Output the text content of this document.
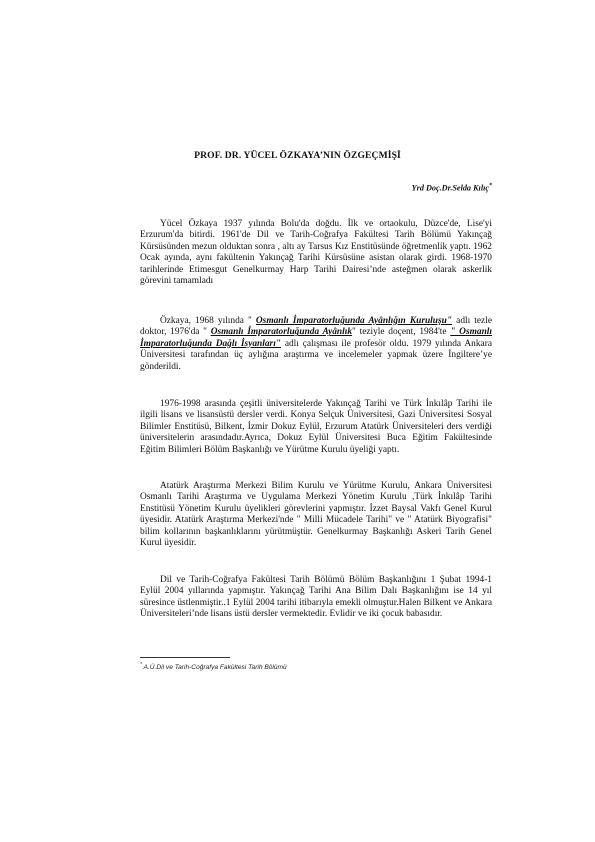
PROF. DR. YÜCEL ÖZKAYA’NIN ÖZGEÇMİŞİ
Yrd Doç.Dr.Selda Kılıç*

Yücel Özkaya 1937 yılında Bolu'da doğdu. İlk ve ortaokulu, Düzce'de, Lise'yi Erzurum'da bitirdi. 1961'de Dil ve Tarih-Coğrafya Fakültesi Tarih Bölümü Yakınçağ Kürsüsünden mezun olduktan sonra , altı ay Tarsus Kız Enstitüsünde öğretmenlik yaptı. 1962 Ocak ayında, aynı fakültenin Yakınçağ Tarihi Kürsüsüne asistan olarak girdi. 1968-1970 tarihlerinde Etimesgut Genelkurmay Harp Tarihi Dairesi’nde asteğmen olarak askerlik görevini tamamladı

Özkaya, 1968 yılında " Osmanlı İmparatorluğunda Ayânlığın Kuruluşu" adlı tezle doktor, 1976'da " Osmanlı İmparatorluğunda Ayânlık" teziyle doçent, 1984'te " Osmanlı İmparatorluğunda Dağlı İsyanları" adlı çalışması ile profesör oldu. 1979 yılında Ankara Üniversitesi tarafından üç aylığına araştırma ve incelemeler yapmak üzere İngiltere’ye gönderildi.

1976-1998 arasında çeşitli üniversitelerde Yakınçağ Tarihi ve Türk İnkılâp Tarihi ile ilgili lisans ve lisansüstü dersler verdi. Konya Selçuk Üniversitesi, Gazi Üniversitesi Sosyal Bilimler Enstitüsü, Bilkent, İzmir Dokuz Eylül, Erzurum Atatürk Üniversiteleri ders verdiği üniversitelerin arasındadır.Ayrıca, Dokuz Eylül Üniversitesi Buca Eğitim Fakültesinde Eğitim Bilimleri Bölüm Başkanlığı ve Yürütme Kurulu üyeliği yaptı.

Atatürk Araştırma Merkezi Bilim Kurulu ve Yürütme Kurulu, Ankara Üniversitesi Osmanlı Tarihi Araştırma ve Uygulama Merkezi Yönetim Kurulu ,Türk İnkılâp Tarihi Enstitüsü Yönetim Kurulu üyelikleri görevlerini yapmıştır. İzzet Baysal Vakfı Genel Kurul üyesidir. Atatürk Araştırma Merkezi'nde " Milli Mücadele Tarihi" ve " Atatürk Biyografisi" bilim kollarının başkanlıklarını yürütmüştür. Genelkurmay Başkanlığı Askeri Tarih Genel Kurul üyesidir.

Dil ve Tarih-Coğrafya Fakültesi Tarih Bölümü Bölüm Başkanlığını 1 Şubat 1994-1 Eylül 2004 yıllarında yapmıştır. Yakınçağ Tarihi Ana Bilim Dalı Başkanlığını ise 14 yıl süresince üstlenmiştir..1 Eylül 2004 tarihi itibarıyla emekli olmuştur.Halen Bilkent ve Ankara Üniversiteleri’nde lisans üstü dersler vermektedir. Evlidir ve iki çocuk babasıdır.

* A.Ü.Dil ve Tarih-Coğrafya Fakültesi Tarih Bölümü
